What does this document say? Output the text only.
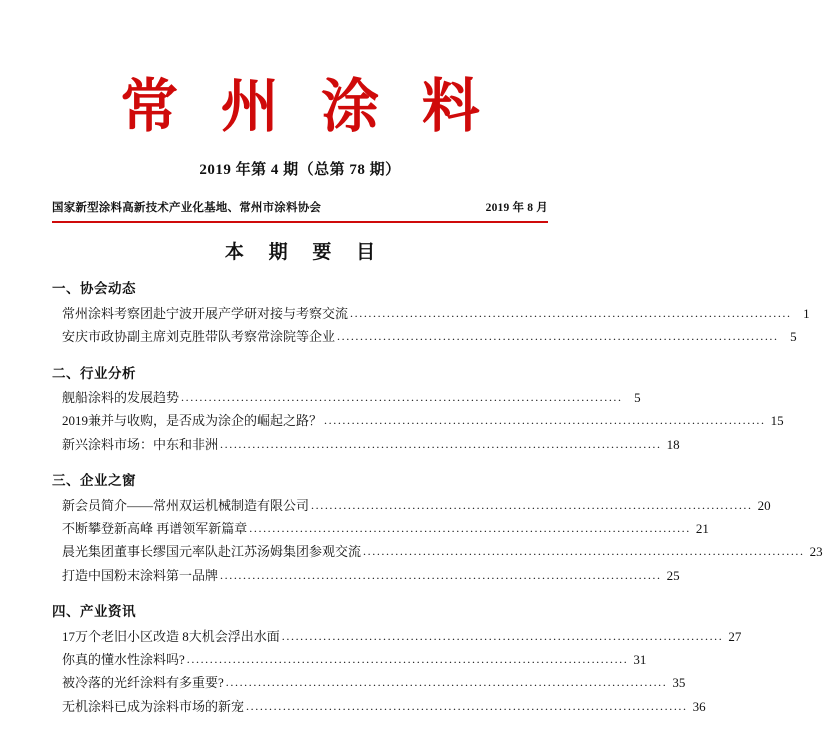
常 州 涂 料
2019 年第 4 期（总第 78 期）
国家新型涂料高新技术产业化基地、常州市涂料协会	2019 年 8 月
本 期 要 目
一、协会动态
常州涂料考察团赴宁波开展产学研对接与考察交流 ................................................................................................ 1
安庆市政协副主席刘克胜带队考察常涂院等企业 ................................................................................................ 5
二、行业分析
舰船涂料的发展趋势 ................................................................................................ 5
2019兼并与收购，是否成为涂企的崛起之路？ ................................................................................................ 15
新兴涂料市场：中东和非洲 ................................................................................................ 18
三、企业之窗
新会员简介——常州双运机械制造有限公司 ................................................................................................ 20
不断攀登新高峰 再谱领军新篇章 ................................................................................................ 21
晨光集团董事长缪国元率队赴江苏汤姆集团参观交流 ................................................................................................ 23
打造中国粉末涂料第一品牌 ................................................................................................ 25
四、产业资讯
17万个老旧小区改造 8大机会浮出水面 ................................................................................................ 27
你真的懂水性涂料吗? ................................................................................................ 31
被冷落的光纤涂料有多重要? ................................................................................................ 35
无机涂料已成为涂料市场的新宠 ................................................................................................ 36
